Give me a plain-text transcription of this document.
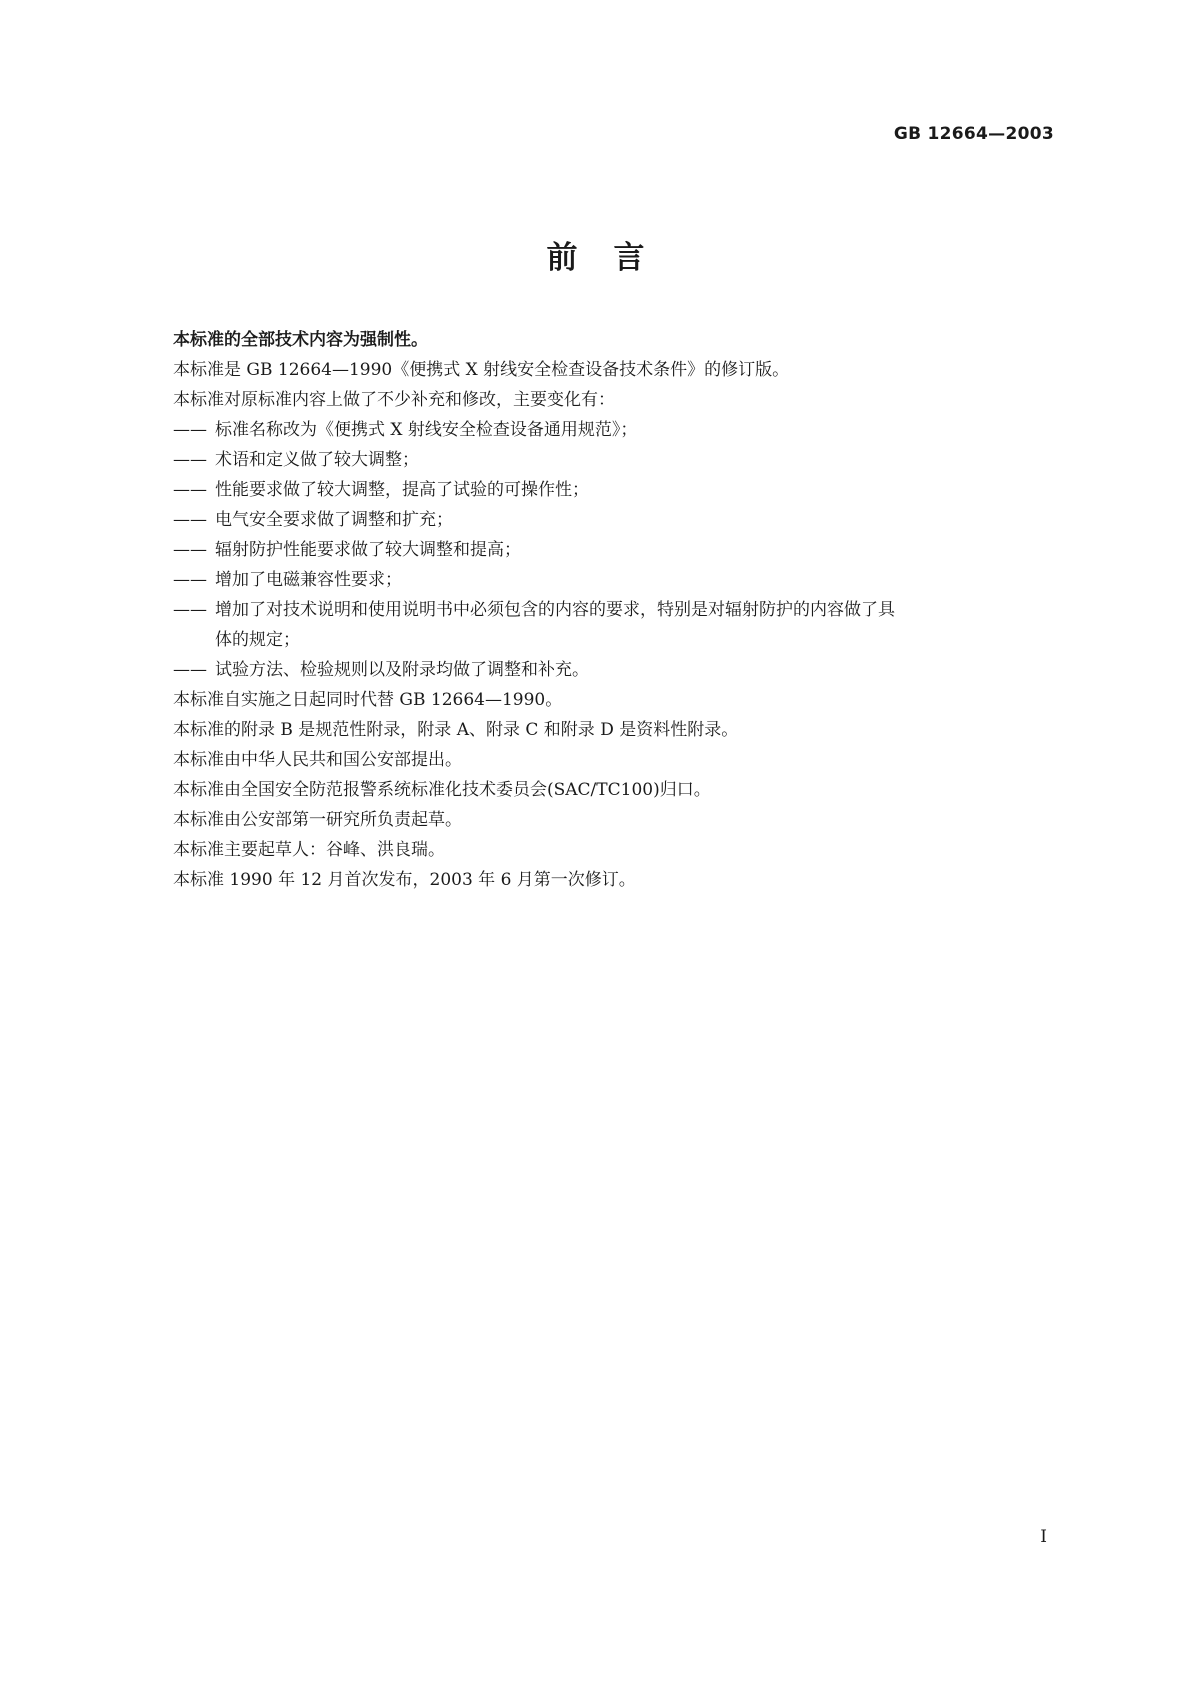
GB 12664—2003
前言
本标准的全部技术内容为强制性。
本标准是 GB 12664—1990《便携式 X 射线安全检查设备技术条件》的修订版。
本标准对原标准内容上做了不少补充和修改，主要变化有：
—— 标准名称改为《便携式 X 射线安全检查设备通用规范》；
—— 术语和定义做了较大调整；
—— 性能要求做了较大调整，提高了试验的可操作性；
—— 电气安全要求做了调整和扩充；
—— 辐射防护性能要求做了较大调整和提高；
—— 增加了电磁兼容性要求；
—— 增加了对技术说明和使用说明书中必须包含的内容的要求，特别是对辐射防护的内容做了具
体的规定；
—— 试验方法、检验规则以及附录均做了调整和补充。
本标准自实施之日起同时代替 GB 12664—1990。
本标准的附录 B 是规范性附录，附录 A、附录 C 和附录 D 是资料性附录。
本标准由中华人民共和国公安部提出。
本标准由全国安全防范报警系统标准化技术委员会(SAC/TC100)归口。
本标准由公安部第一研究所负责起草。
本标准主要起草人：谷峰、洪良瑞。
本标准 1990 年 12 月首次发布，2003 年 6 月第一次修订。
I
